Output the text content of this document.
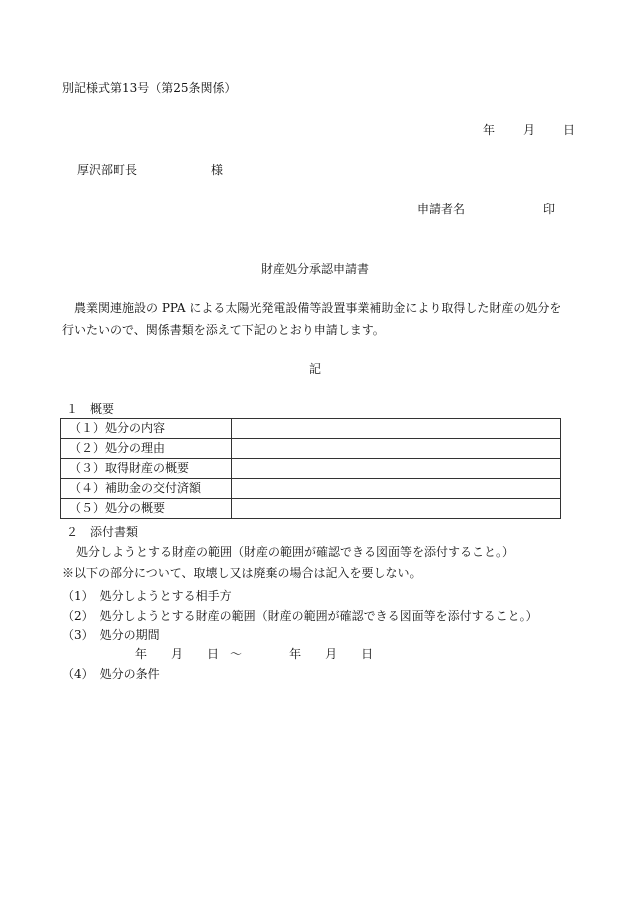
別記様式第13号（第25条関係）
年 月 日
厚沢部町長	様
申請者名	印
財産処分承認申請書
農業関連施設の PPA による太陽光発電設備等設置事業補助金により取得した財産の処分を
行いたいので、関係書類を添えて下記のとおり申請します。
記
１　概要
（１）処分の内容	
（２）処分の理由	
（３）取得財産の概要	
（４）補助金の交付済額	
（５）処分の概要	
２　添付書類
処分しようとする財産の範囲（財産の範囲が確認できる図面等を添付すること。）
※以下の部分について、取壊し又は廃棄の場合は記入を要しない。
（1）　処分しようとする相手方
（2）　処分しようとする財産の範囲（財産の範囲が確認できる図面等を添付すること。）
（3）　処分の期間
年 月 日 ～	年 月 日
（4）　処分の条件
